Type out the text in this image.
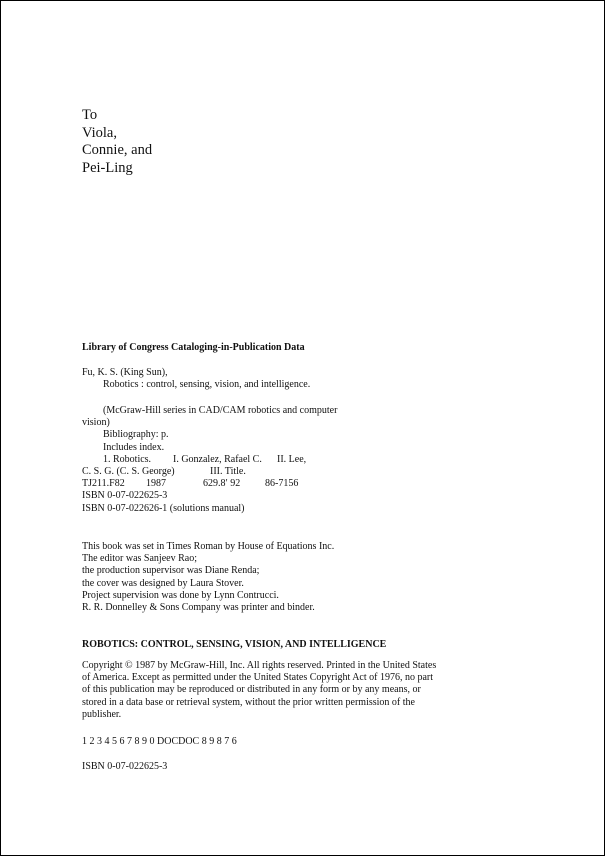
To
Viola,
Connie, and
Pei-Ling
Library of Congress Cataloging-in-Publication Data
Fu, K. S. (King Sun),
Robotics : control, sensing, vision, and intelligence.
(McGraw-Hill series in CAD/CAM robotics and computer
vision)
Bibliography: p.
Includes index.
1. Robotics. I. Gonzalez, Rafael C. II. Lee,
C. S. G. (C. S. George)	III. Title.
TJ211.F82 1987	629.8′ 92 86-7156
ISBN 0-07-022625-3
ISBN 0-07-022626-1 (solutions manual)
This book was set in Times Roman by House of Equations Inc.
The editor was Sanjeev Rao;
the production supervisor was Diane Renda;
the cover was designed by Laura Stover.
Project supervision was done by Lynn Contrucci.
R. R. Donnelley & Sons Company was printer and binder.
ROBOTICS: CONTROL, SENSING, VISION, AND INTELLIGENCE
Copyright © 1987 by McGraw-Hill, Inc. All rights reserved. Printed in the United States
of America. Except as permitted under the United States Copyright Act of 1976, no part
of this publication may be reproduced or distributed in any form or by any means, or
stored in a data base or retrieval system, without the prior written permission of the
publisher.
1 2 3 4 5 6 7 8 9 0 DOCDOC 8 9 8 7 6
ISBN 0-07-022625-3
